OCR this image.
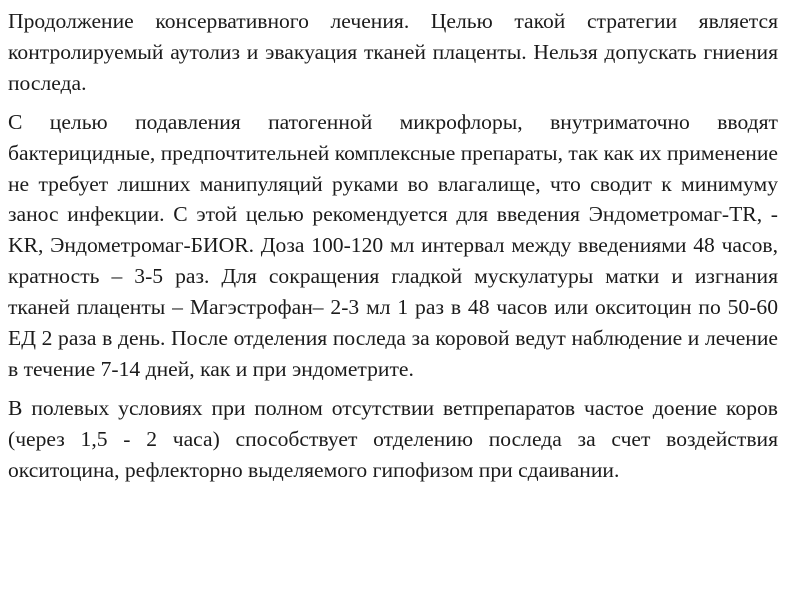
Продолжение консервативного лечения. Целью такой стратегии является контролируемый аутолиз и эвакуация тканей плаценты. Нельзя допускать гниения последа.

С целью подавления патогенной микрофлоры, внутриматочно вводят бактерицидные, предпочтительней комплексные препараты, так как их применение не требует лишних манипуляций руками во влагалище, что сводит к минимуму занос инфекции. С этой целью рекомендуется для введения Эндометромаг-TR, -KR, Эндометромаг-БИОR. Доза 100-120 мл интервал между введениями 48 часов, кратность – 3-5 раз. Для сокращения гладкой мускулатуры матки и изгнания тканей плаценты – Магэстрофан– 2-3 мл 1 раз в 48 часов или окситоцин по 50-60 ЕД 2 раза в день. После отделения последа за коровой ведут наблюдение и лечение в течение 7-14 дней, как и при эндометрите.

В полевых условиях при полном отсутствии ветпрепаратов частое доение коров (через 1,5 - 2 часа) способствует отделению последа за счет воздействия окситоцина, рефлекторно выделяемого гипофизом при сдаивании.
